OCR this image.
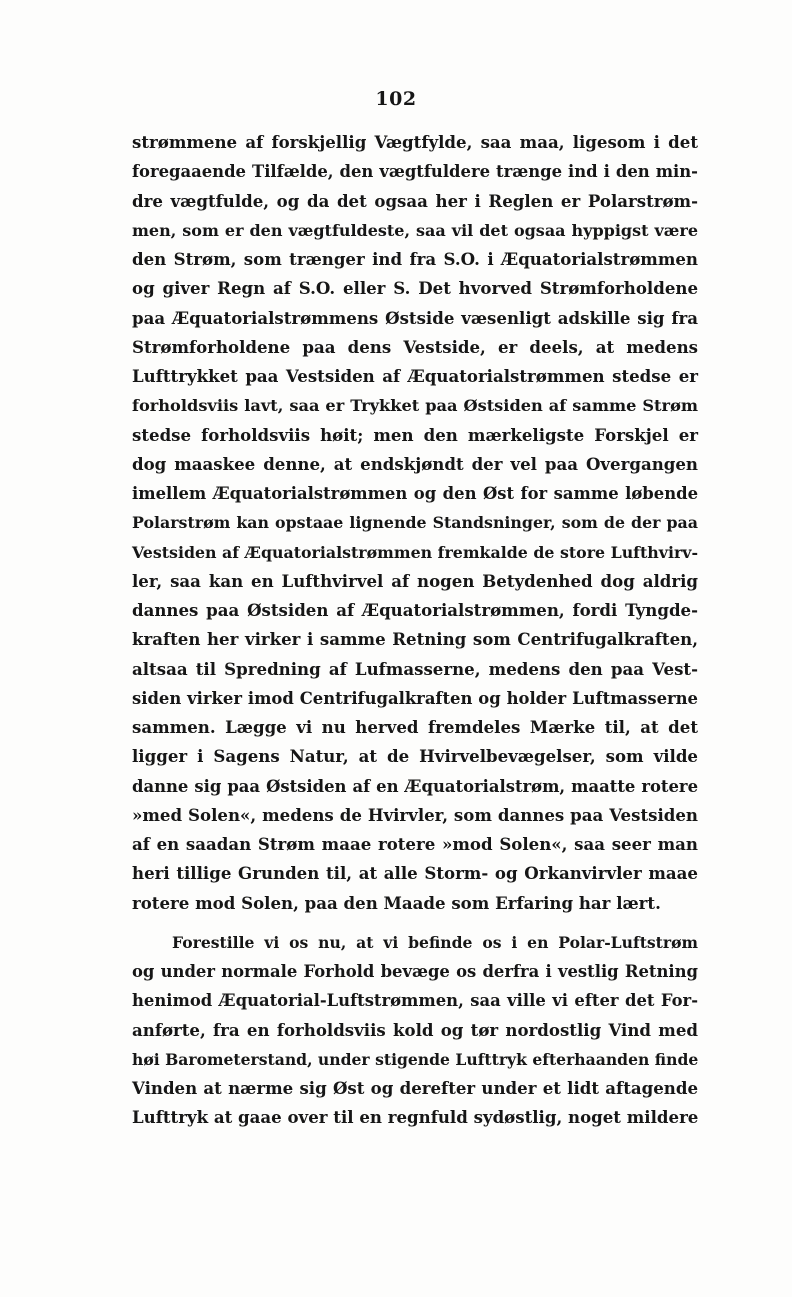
102
strømmene af forskjellig Vægtfylde, saa maa, ligesom i det
foregaaende Tilfælde, den vægtfuldere trænge ind i den min-
dre vægtfulde, og da det ogsaa her i Reglen er Polarstrøm-
men, som er den vægtfuldeste, saa vil det ogsaa hyppigst være
den Strøm, som trænger ind fra S.O. i Æquatorialstrømmen
og giver Regn af S.O. eller S. Det hvorved Strømforholdene
paa Æquatorialstrømmens Østside væsenligt adskille sig fra
Strømforholdene paa dens Vestside, er deels, at medens
Lufttrykket paa Vestsiden af Æquatorialstrømmen stedse er
forholdsviis lavt, saa er Trykket paa Østsiden af samme Strøm
stedse forholdsviis høit; men den mærkeligste Forskjel er
dog maaskee denne, at endskjøndt der vel paa Overgangen
imellem Æquatorialstrømmen og den Øst for samme løbende
Polarstrøm kan opstaae lignende Standsninger, som de der paa
Vestsiden af Æquatorialstrømmen fremkalde de store Lufthvirv-
ler, saa kan en Lufthvirvel af nogen Betydenhed dog aldrig
dannes paa Østsiden af Æquatorialstrømmen, fordi Tyngde-
kraften her virker i samme Retning som Centrifugalkraften,
altsaa til Spredning af Lufmasserne, medens den paa Vest-
siden virker imod Centrifugalkraften og holder Luftmasserne
sammen. Lægge vi nu herved fremdeles Mærke til, at det
ligger i Sagens Natur, at de Hvirvelbevægelser, som vilde
danne sig paa Østsiden af en Æquatorialstrøm, maatte rotere
»med Solen«, medens de Hvirvler, som dannes paa Vestsiden
af en saadan Strøm maae rotere »mod Solen«, saa seer man
heri tillige Grunden til, at alle Storm- og Orkanvirvler maae
rotere mod Solen, paa den Maade som Erfaring har lært.
Forestille vi os nu, at vi befinde os i en Polar-Luftstrøm
og under normale Forhold bevæge os derfra i vestlig Retning
henimod Æquatorial-Luftstrømmen, saa ville vi efter det For-
anførte, fra en forholdsviis kold og tør nordostlig Vind med
høi Barometerstand, under stigende Lufttryk efterhaanden finde
Vinden at nærme sig Øst og derefter under et lidt aftagende
Lufttryk at gaae over til en regnfuld sydøstlig, noget mildere
